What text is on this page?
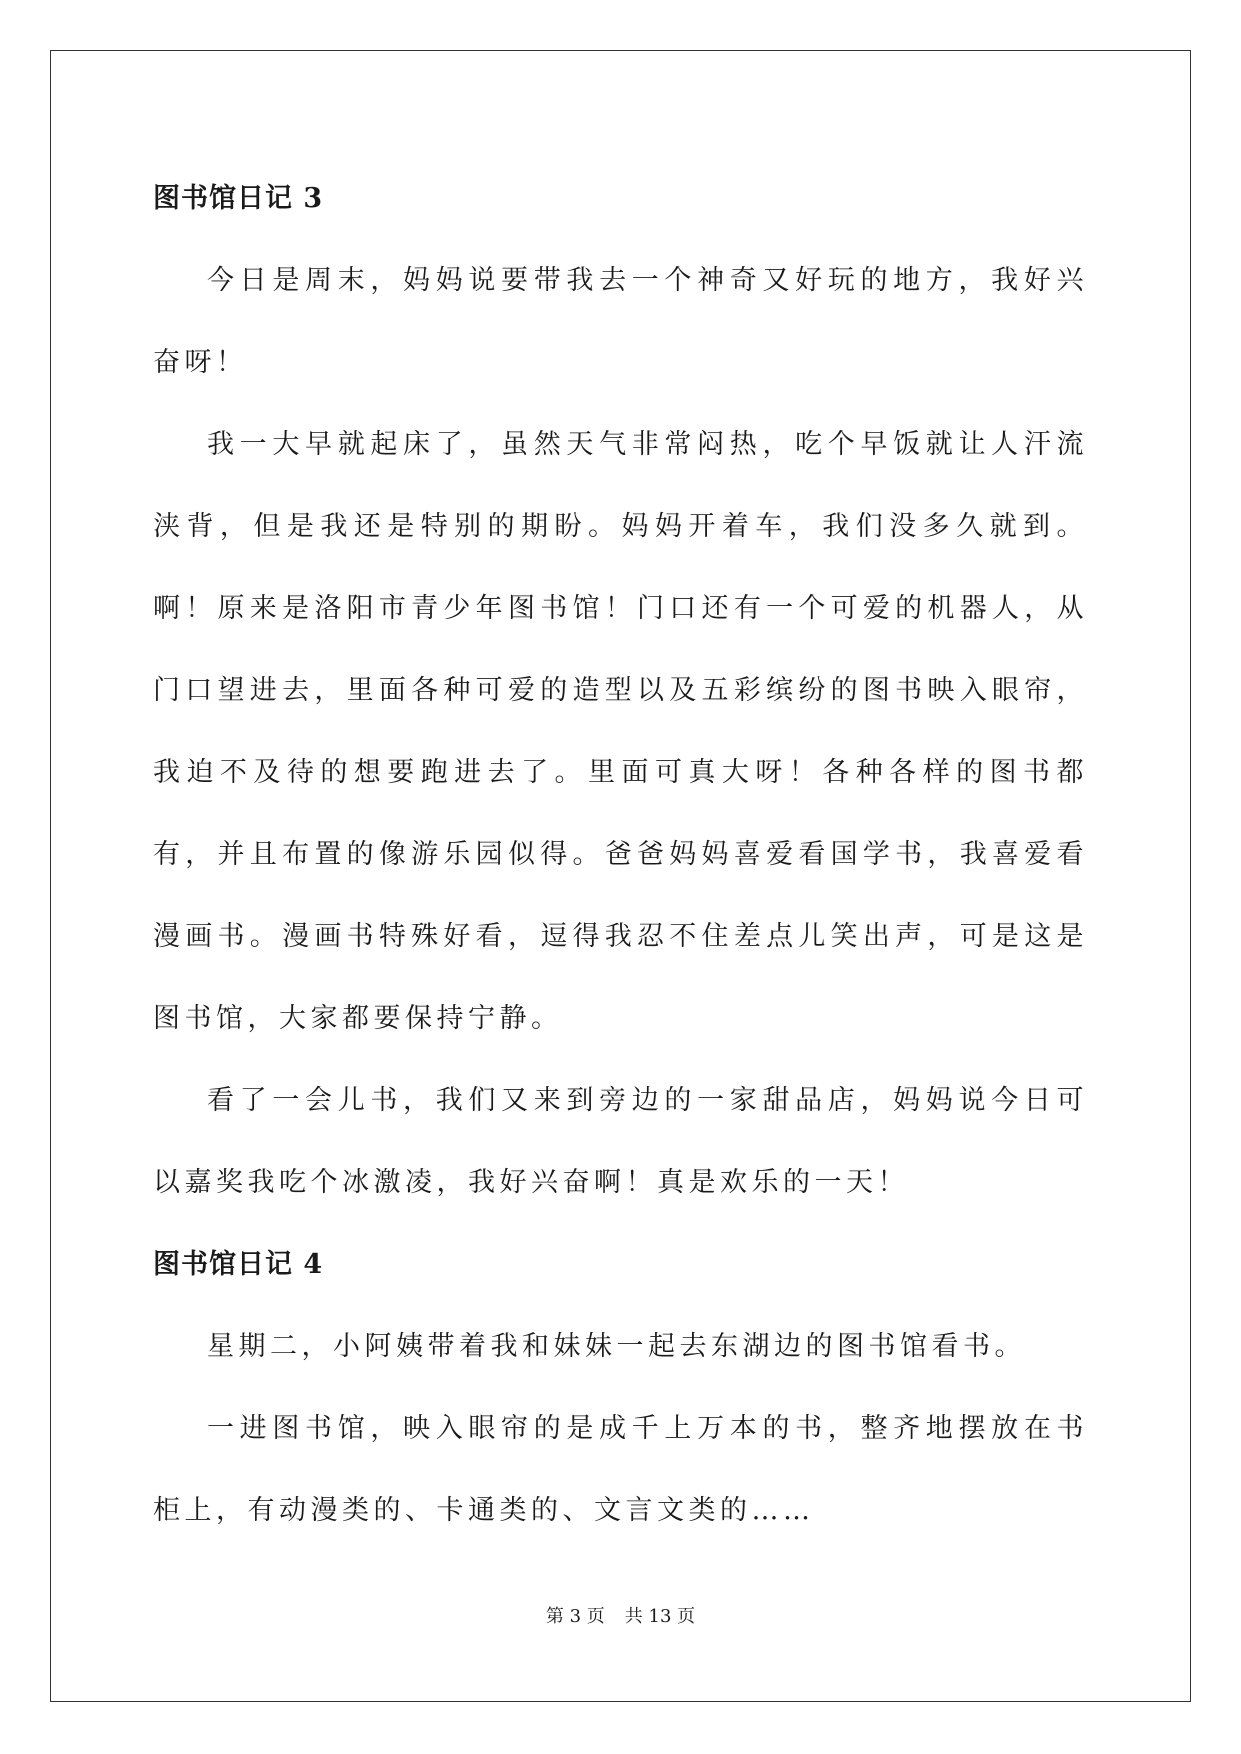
图书馆日记 3

今日是周末，妈妈说要带我去一个神奇又好玩的地方，我好兴奋呀！

我一大早就起床了，虽然天气非常闷热，吃个早饭就让人汗流浃背，但是我还是特别的期盼。妈妈开着车，我们没多久就到。啊！原来是洛阳市青少年图书馆！门口还有一个可爱的机器人，从门口望进去，里面各种可爱的造型以及五彩缤纷的图书映入眼帘，我迫不及待的想要跑进去了。里面可真大呀！各种各样的图书都有，并且布置的像游乐园似得。爸爸妈妈喜爱看国学书，我喜爱看漫画书。漫画书特殊好看，逗得我忍不住差点儿笑出声，可是这是图书馆，大家都要保持宁静。

看了一会儿书，我们又来到旁边的一家甜品店，妈妈说今日可以嘉奖我吃个冰激凌，我好兴奋啊！真是欢乐的一天！

图书馆日记 4

星期二，小阿姨带着我和妹妹一起去东湖边的图书馆看书。

一进图书馆，映入眼帘的是成千上万本的书，整齐地摆放在书柜上，有动漫类的、卡通类的、文言文类的……

第 3 页 共 13 页
